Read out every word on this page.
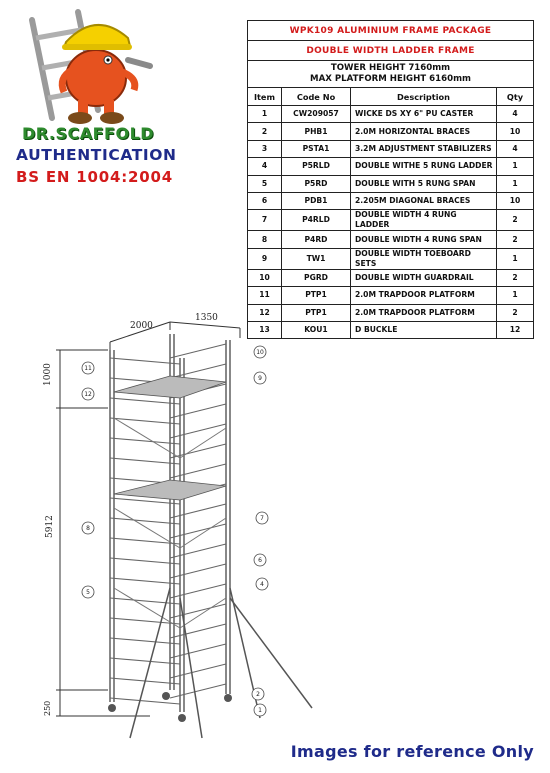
DR.SCAFFOLD
AUTHENTICATION
BS EN 1004:2004
WPK109 ALUMINIUM FRAME PACKAGE			
DOUBLE WIDTH LADDER FRAME			

TOWER HEIGHT 7160mm
MAX PLATFORM HEIGHT 6160mm			

Item	Code No	Description	Qty
1	CW209057	WICKE DS XY 6" PU CASTER	4
2	PHB1	2.0M HORIZONTAL BRACES	10
3	PSTA1	3.2M ADJUSTMENT STABILIZERS	4
4	P5RLD	DOUBLE WITHE 5 RUNG LADDER	1
5	P5RD	DOUBLE WITH 5 RUNG SPAN	1
6	PDB1	2.205M DIAGONAL BRACES	10
7	P4RLD	DOUBLE WIDTH 4 RUNG LADDER	2
8	P4RD	DOUBLE WIDTH 4 RUNG SPAN	2
9	TW1	DOUBLE WIDTH TOEBOARD SETS	1
10	PGRD	DOUBLE WIDTH GUARDRAIL	2
11	PTP1	2.0M TRAPDOOR PLATFORM	1
12	PTP1	2.0M TRAPDOOR PLATFORM	2
13	KOU1	D BUCKLE	12
2000
1350
1000
5912
250	1
2
4
5
6
7
8
9
10
11
12
Images for reference Only
